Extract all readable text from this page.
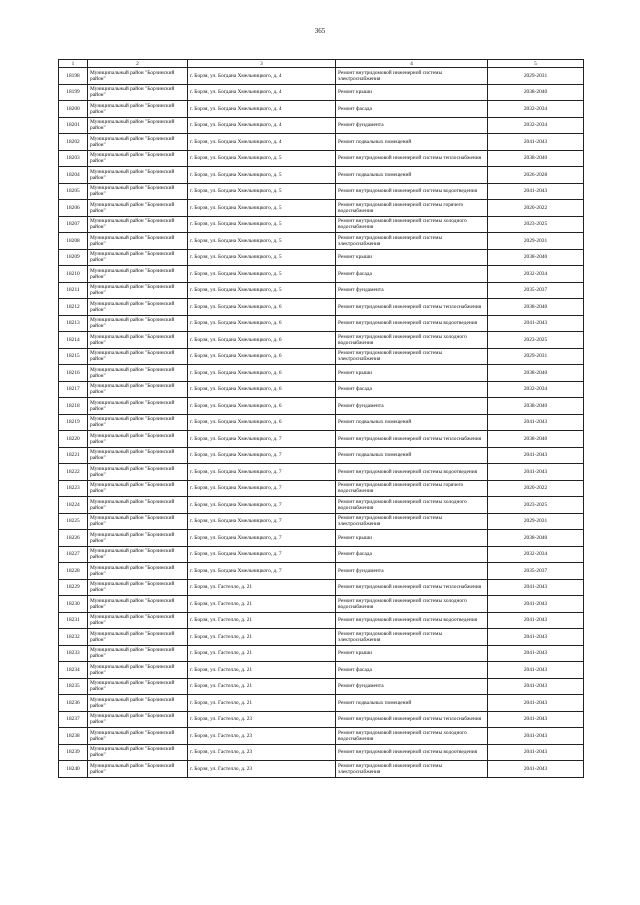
365
1	2	3	4	5
18198	Муниципальный район "Борзинский район"	г. Борзя, ул. Богдана Хмельницкого, д. 4	Ремонт внутридомовой инженерной системы электроснабжения	2029-2031
18199	Муниципальный район "Борзинский район"	г. Борзя, ул. Богдана Хмельницкого, д. 4	Ремонт крыши	2038-2040
18200	Муниципальный район "Борзинский район"	г. Борзя, ул. Богдана Хмельницкого, д. 4	Ремонт фасада	2032-2034
18201	Муниципальный район "Борзинский район"	г. Борзя, ул. Богдана Хмельницкого, д. 4	Ремонт фундамента	2032-2034
18202	Муниципальный район "Борзинский район"	г. Борзя, ул. Богдана Хмельницкого, д. 4	Ремонт подвальных помещений	2041-2043
18203	Муниципальный район "Борзинский район"	г. Борзя, ул. Богдана Хмельницкого, д. 5	Ремонт внутридомовой инженерной системы теплоснабжения	2038-2040
18204	Муниципальный район "Борзинский район"	г. Борзя, ул. Богдана Хмельницкого, д. 5	Ремонт подвальных помещений	2026-2028
18205	Муниципальный район "Борзинский район"	г. Борзя, ул. Богдана Хмельницкого, д. 5	Ремонт внутридомовой инженерной системы водоотведения	2041-2043
18206	Муниципальный район "Борзинский район"	г. Борзя, ул. Богдана Хмельницкого, д. 5	Ремонт внутридомовой инженерной системы горячего водоснабжения	2020-2022
18207	Муниципальный район "Борзинский район"	г. Борзя, ул. Богдана Хмельницкого, д. 5	Ремонт внутридомовой инженерной системы холодного водоснабжения	2023-2025
18208	Муниципальный район "Борзинский район"	г. Борзя, ул. Богдана Хмельницкого, д. 5	Ремонт внутридомовой инженерной системы электроснабжения	2029-2031
18209	Муниципальный район "Борзинский район"	г. Борзя, ул. Богдана Хмельницкого, д. 5	Ремонт крыши	2038-2040
18210	Муниципальный район "Борзинский район"	г. Борзя, ул. Богдана Хмельницкого, д. 5	Ремонт фасада	2032-2034
18211	Муниципальный район "Борзинский район"	г. Борзя, ул. Богдана Хмельницкого, д. 5	Ремонт фундамента	2035-2037
18212	Муниципальный район "Борзинский район"	г. Борзя, ул. Богдана Хмельницкого, д. 6	Ремонт внутридомовой инженерной системы теплоснабжения	2038-2040
18213	Муниципальный район "Борзинский район"	г. Борзя, ул. Богдана Хмельницкого, д. 6	Ремонт внутридомовой инженерной системы водоотведения	2041-2043
18214	Муниципальный район "Борзинский район"	г. Борзя, ул. Богдана Хмельницкого, д. 6	Ремонт внутридомовой инженерной системы холодного водоснабжения	2023-2025
18215	Муниципальный район "Борзинский район"	г. Борзя, ул. Богдана Хмельницкого, д. 6	Ремонт внутридомовой инженерной системы электроснабжения	2029-2031
18216	Муниципальный район "Борзинский район"	г. Борзя, ул. Богдана Хмельницкого, д. 6	Ремонт крыши	2038-2040
18217	Муниципальный район "Борзинский район"	г. Борзя, ул. Богдана Хмельницкого, д. 6	Ремонт фасада	2032-2034
18218	Муниципальный район "Борзинский район"	г. Борзя, ул. Богдана Хмельницкого, д. 6	Ремонт фундамента	2038-2040
18219	Муниципальный район "Борзинский район"	г. Борзя, ул. Богдана Хмельницкого, д. 6	Ремонт подвальных помещений	2041-2043
18220	Муниципальный район "Борзинский район"	г. Борзя, ул. Богдана Хмельницкого, д. 7	Ремонт внутридомовой инженерной системы теплоснабжения	2038-2040
18221	Муниципальный район "Борзинский район"	г. Борзя, ул. Богдана Хмельницкого, д. 7	Ремонт подвальных помещений	2041-2043
18222	Муниципальный район "Борзинский район"	г. Борзя, ул. Богдана Хмельницкого, д. 7	Ремонт внутридомовой инженерной системы водоотведения	2041-2043
18223	Муниципальный район "Борзинский район"	г. Борзя, ул. Богдана Хмельницкого, д. 7	Ремонт внутридомовой инженерной системы горячего водоснабжения	2020-2022
18224	Муниципальный район "Борзинский район"	г. Борзя, ул. Богдана Хмельницкого, д. 7	Ремонт внутридомовой инженерной системы холодного водоснабжения	2023-2025
18225	Муниципальный район "Борзинский район"	г. Борзя, ул. Богдана Хмельницкого, д. 7	Ремонт внутридомовой инженерной системы электроснабжения	2029-2031
18226	Муниципальный район "Борзинский район"	г. Борзя, ул. Богдана Хмельницкого, д. 7	Ремонт крыши	2038-2040
18227	Муниципальный район "Борзинский район"	г. Борзя, ул. Богдана Хмельницкого, д. 7	Ремонт фасада	2032-2034
18228	Муниципальный район "Борзинский район"	г. Борзя, ул. Богдана Хмельницкого, д. 7	Ремонт фундамента	2035-2037
18229	Муниципальный район "Борзинский район"	г. Борзя, ул. Гастелло, д. 21	Ремонт внутридомовой инженерной системы теплоснабжения	2041-2043
18230	Муниципальный район "Борзинский район"	г. Борзя, ул. Гастелло, д. 21	Ремонт внутридомовой инженерной системы холодного водоснабжения	2041-2043
18231	Муниципальный район "Борзинский район"	г. Борзя, ул. Гастелло, д. 21	Ремонт внутридомовой инженерной системы водоотведения	2041-2043
18232	Муниципальный район "Борзинский район"	г. Борзя, ул. Гастелло, д. 21	Ремонт внутридомовой инженерной системы электроснабжения	2041-2043
18233	Муниципальный район "Борзинский район"	г. Борзя, ул. Гастелло, д. 21	Ремонт крыши	2041-2043
18234	Муниципальный район "Борзинский район"	г. Борзя, ул. Гастелло, д. 21	Ремонт фасада	2041-2043
18235	Муниципальный район "Борзинский район"	г. Борзя, ул. Гастелло, д. 21	Ремонт фундамента	2041-2043
18236	Муниципальный район "Борзинский район"	г. Борзя, ул. Гастелло, д. 21	Ремонт подвальных помещений	2041-2043
18237	Муниципальный район "Борзинский район"	г. Борзя, ул. Гастелло, д. 23	Ремонт внутридомовой инженерной системы теплоснабжения	2041-2043
18238	Муниципальный район "Борзинский район"	г. Борзя, ул. Гастелло, д. 23	Ремонт внутридомовой инженерной системы холодного водоснабжения	2041-2043
18239	Муниципальный район "Борзинский район"	г. Борзя, ул. Гастелло, д. 23	Ремонт внутридомовой инженерной системы водоотведения	2041-2043
18240	Муниципальный район "Борзинский район"	г. Борзя, ул. Гастелло, д. 23	Ремонт внутридомовой инженерной системы электроснабжения	2041-2043
